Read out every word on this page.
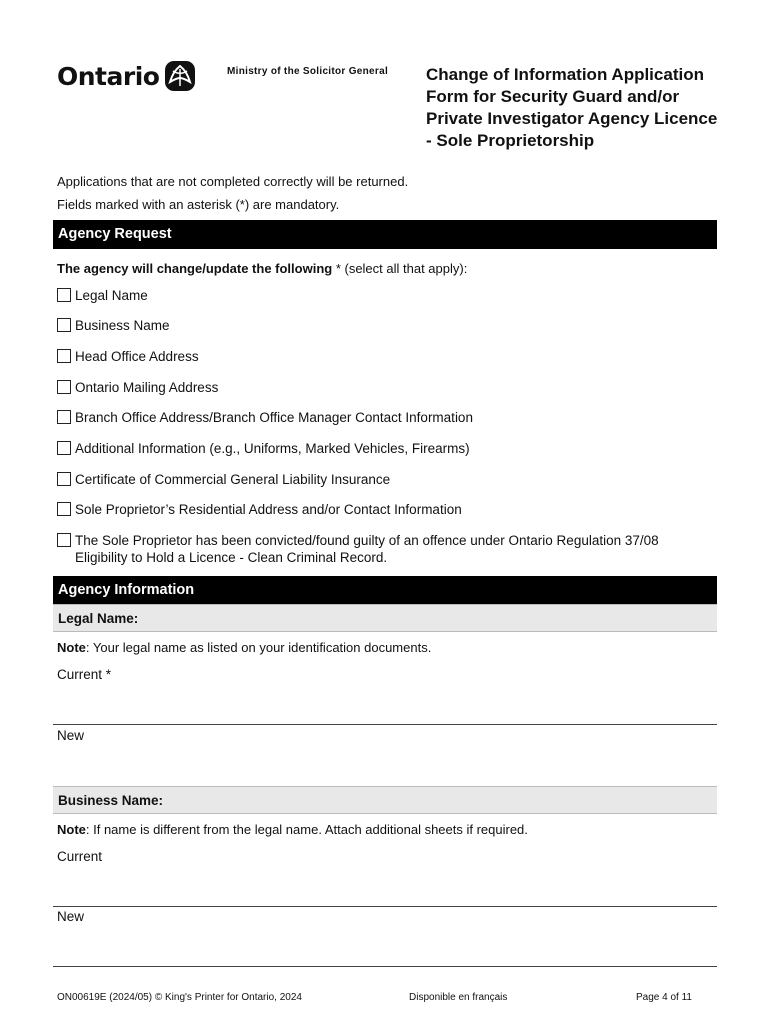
Ontario	Ministry of the Solicitor General Change of Information Application Form for Security Guard and/or Private Investigator Agency Licence - Sole Proprietorship
Applications that are not completed correctly will be returned.
Fields marked with an asterisk (*) are mandatory.
Agency Request
The agency will change/update the following * (select all that apply):
Legal Name
Business Name
Head Office Address
Ontario Mailing Address
Branch Office Address/Branch Office Manager Contact Information
Additional Information (e.g., Uniforms, Marked Vehicles, Firearms)
Certificate of Commercial General Liability Insurance
Sole Proprietor’s Residential Address and/or Contact Information
The Sole Proprietor has been convicted/found guilty of an offence under Ontario Regulation 37/08 Eligibility to Hold a Licence - Clean Criminal Record.
Agency Information
Legal Name:
Note: Your legal name as listed on your identification documents.
Current *
New
Business Name:
Note: If name is different from the legal name. Attach additional sheets if required.
Current
New
ON00619E (2024/05) © King's Printer for Ontario, 2024	Disponible en français	Page 4 of 11
